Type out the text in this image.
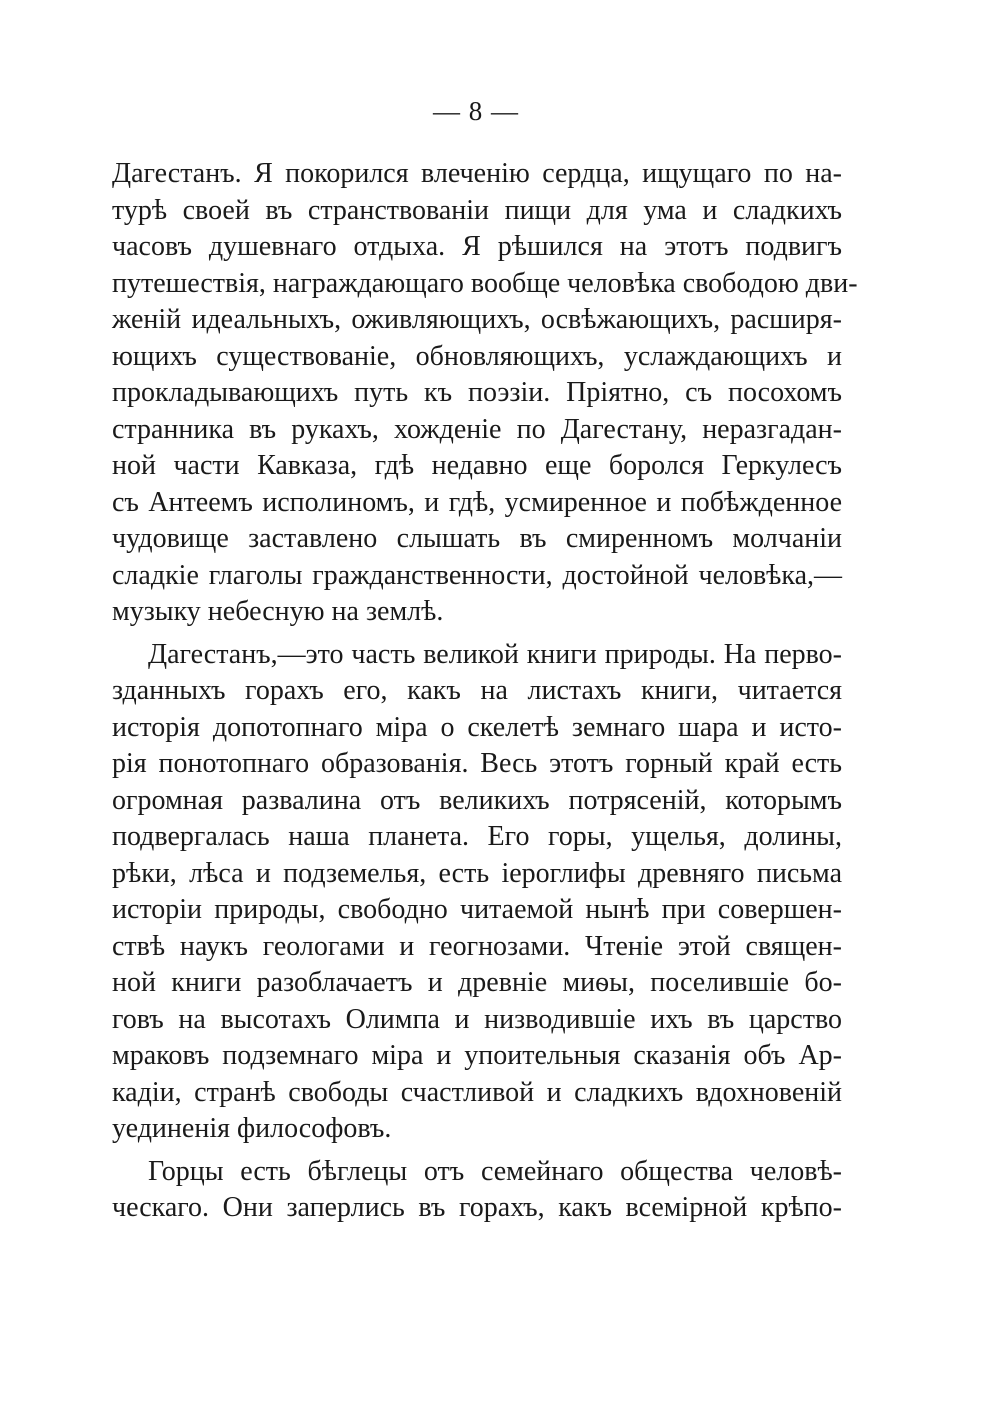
— 8 —
Дагестанъ. Я покорился влеченію сердца, ищущаго по на-
турѣ своей въ странствованіи пищи для ума и сладкихъ
часовъ душевнаго отдыха. Я рѣшился на этотъ подвигъ
путешествія, награждающаго вообще человѣка свободою дви-
женій идеальныхъ, оживляющихъ, освѣжающихъ, расширя-
ющихъ существованіе, обновляющихъ, услаждающихъ и
прокладывающихъ путь къ поэзіи. Пріятно, съ посохомъ
странника въ рукахъ, хожденіе по Дагестану, неразгадан-
ной части Кавказа, гдѣ недавно еще боролся Геркулесъ
съ Антеемъ исполиномъ, и гдѣ, усмиренное и побѣжденное
чудовище заставлено слышать въ смиренномъ молчаніи
сладкіе глаголы гражданственности, достойной человѣка,—
музыку небесную на землѣ.
Дагестанъ,—это часть великой книги природы. На перво-
зданныхъ горахъ его, какъ на листахъ книги, читается
исторія допотопнаго міра о скелетѣ земнаго шара и исто-
рія понотопнаго образованія. Весь этотъ горный край есть
огромная развалина отъ великихъ потрясеній, которымъ
подвергалась наша планета. Его горы, ущелья, долины,
рѣки, лѣса и подземелья, есть іероглифы древняго письма
исторіи природы, свободно читаемой нынѣ при совершен-
ствѣ наукъ геологами и геогнозами. Чтеніе этой священ-
ной книги разоблачаетъ и древніе миѳы, поселившіе бо-
говъ на высотахъ Олимпа и низводившіе ихъ въ царство
мраковъ подземнаго міра и упоительныя сказанія объ Ар-
кадіи, странѣ свободы счастливой и сладкихъ вдохновеній
уединенія философовъ.
Горцы есть бѣглецы отъ семейнаго общества человѣ-
ческаго. Они заперлись въ горахъ, какъ всемірной крѣпо-
